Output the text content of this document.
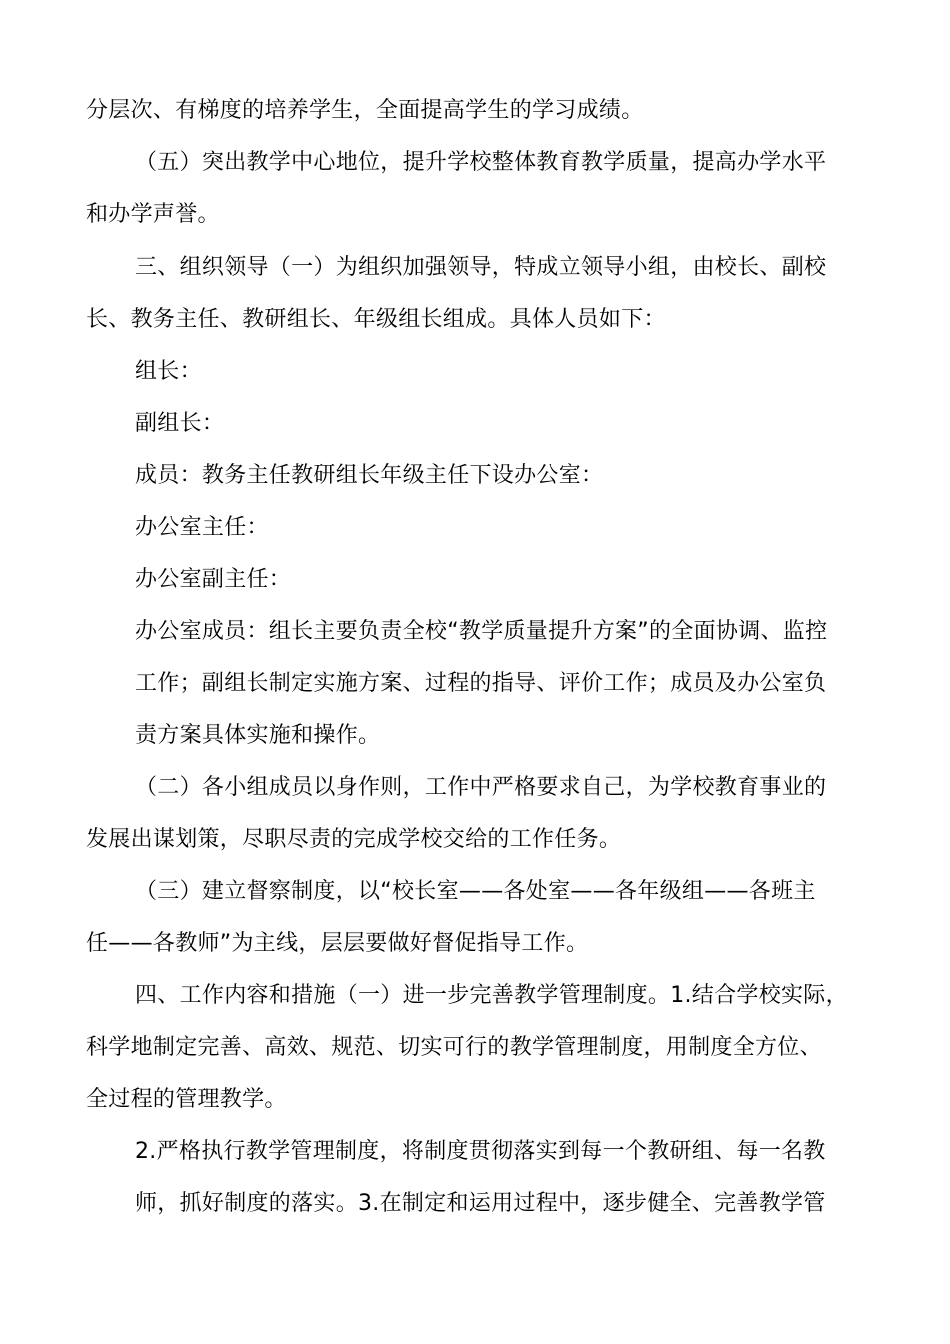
分层次、有梯度的培养学生，全面提高学生的学习成绩。
（五）突出教学中心地位，提升学校整体教育教学质量，提高办学水平
和办学声誉。
三、组织领导（一）为组织加强领导，特成立领导小组，由校长、副校
长、教务主任、教研组长、年级组长组成。具体人员如下：
组长：
副组长：
成员：教务主任教研组长年级主任下设办公室：
办公室主任：
办公室副主任：
办公室成员：组长主要负责全校“教学质量提升方案”的全面协调、监控
工作；副组长制定实施方案、过程的指导、评价工作；成员及办公室负
责方案具体实施和操作。
（二）各小组成员以身作则，工作中严格要求自己，为学校教育事业的
发展出谋划策，尽职尽责的完成学校交给的工作任务。
（三）建立督察制度，以“校长室——各处室——各年级组——各班主
任——各教师”为主线，层层要做好督促指导工作。
四、工作内容和措施（一）进一步完善教学管理制度。1.结合学校实际，
科学地制定完善、高效、规范、切实可行的教学管理制度，用制度全方位、
全过程的管理教学。
2.严格执行教学管理制度，将制度贯彻落实到每一个教研组、每一名教
师，抓好制度的落实。3.在制定和运用过程中，逐步健全、完善教学管
